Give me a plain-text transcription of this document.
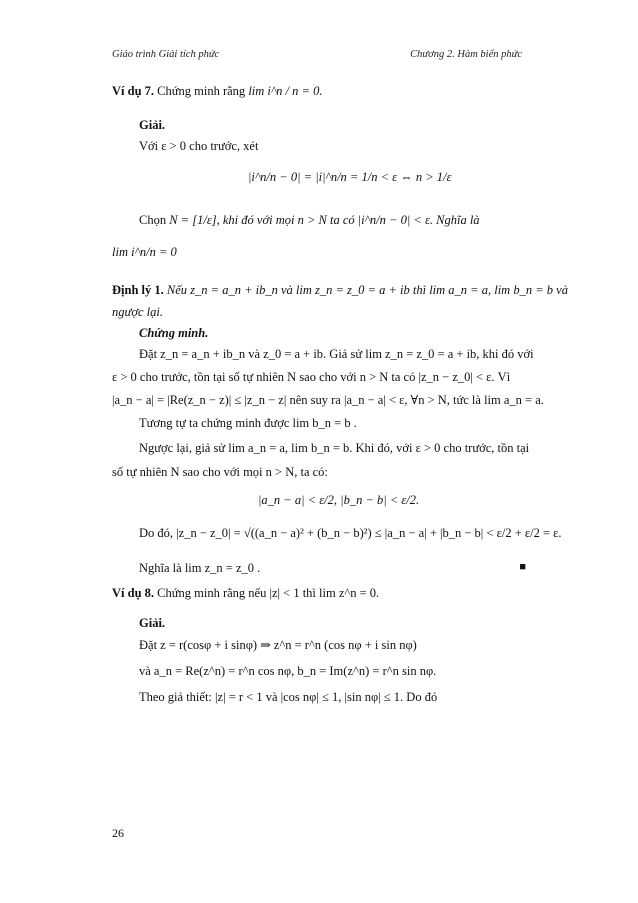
Giáo trình Giải tích phức	Chương 2. Hàm biến phức
Ví dụ 7. Chứng minh rằng lim i^n / n = 0.
Giải.
Với ε > 0 cho trước, xét
|i^n/n − 0| = |i|^n/n = 1/n < ε ⇔ n > 1/ε
Chọn N = [1/ε], khi đó với mọi n > N ta có |i^n/n − 0| < ε. Nghĩa là
lim i^n/n = 0
Định lý 1. Nếu z_n = a_n + ib_n và lim z_n = z_0 = a + ib thì lim a_n = a, lim b_n = b và
ngược lại.
Chứng minh.
Đặt z_n = a_n + ib_n và z_0 = a + ib. Giả sử lim z_n = z_0 = a + ib, khi đó với
ε > 0 cho trước, tồn tại số tự nhiên N sao cho với n > N ta có |z_n − z_0| < ε. Vì
|a_n − a| = |Re(z_n − z)| ≤ |z_n − z| nên suy ra |a_n − a| < ε, ∀n > N, tức là lim a_n = a.
Tương tự ta chứng minh được lim b_n = b .
Ngược lại, giả sử lim a_n = a, lim b_n = b. Khi đó, với ε > 0 cho trước, tồn tại
số tự nhiên N sao cho với mọi n > N, ta có:
|a_n − a| < ε/2, |b_n − b| < ε/2.
Do đó, |z_n − z_0| = √((a_n − a)² + (b_n − b)²) ≤ |a_n − a| + |b_n − b| < ε/2 + ε/2 = ε.
Nghĩa là lim z_n = z_0 .	■
Ví dụ 8. Chứng minh rằng nếu |z| < 1 thì lim z^n = 0.
Giải.
Đặt z = r(cosφ + i sinφ) ⇒ z^n = r^n (cos nφ + i sin nφ)
và a_n = Re(z^n) = r^n cos nφ, b_n = Im(z^n) = r^n sin nφ.
Theo giả thiết: |z| = r < 1 và |cos nφ| ≤ 1, |sin nφ| ≤ 1. Do đó
26
